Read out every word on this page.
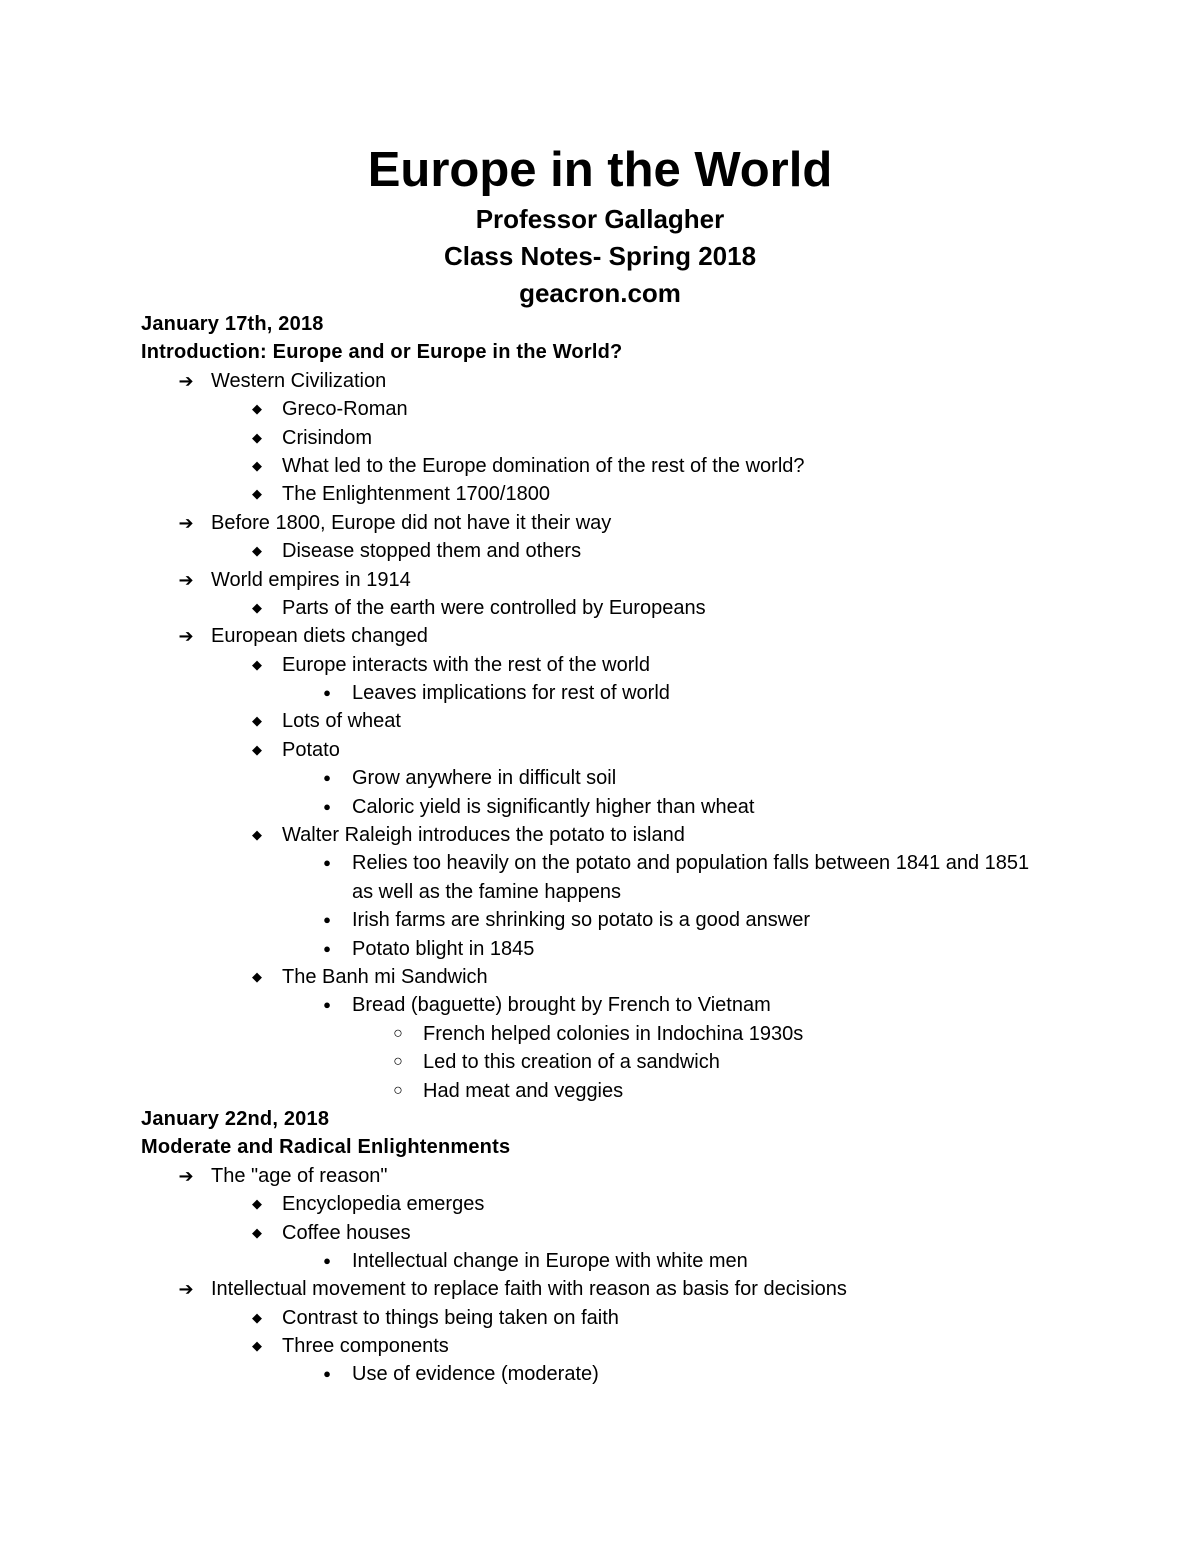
Europe in the World
Professor Gallagher
Class Notes- Spring 2018
geacron.com
January 17th, 2018
Introduction: Europe and or Europe in the World?
➔ Western Civilization
◆ Greco-Roman
◆ Crisindom
◆ What led to the Europe domination of the rest of the world?
◆ The Enlightenment 1700/1800
➔ Before 1800, Europe did not have it their way
◆ Disease stopped them and others
➔ World empires in 1914
◆ Parts of the earth were controlled by Europeans
➔ European diets changed
◆ Europe interacts with the rest of the world
●	Leaves implications for rest of world
◆ Lots of wheat
◆ Potato
●	Grow anywhere in difficult soil
●	Caloric yield is significantly higher than wheat
◆ Walter Raleigh introduces the potato to island
●	Relies too heavily on the potato and population falls between 1841 and 1851 as well as the famine happens
●	Irish farms are shrinking so potato is a good answer
●	Potato blight in 1845
◆ The Banh mi Sandwich
●	Bread (baguette) brought by French to Vietnam
○ French helped colonies in Indochina 1930s
○ Led to this creation of a sandwich
○ Had meat and veggies
January 22nd, 2018
Moderate and Radical Enlightenments
➔ The "age of reason"
◆ Encyclopedia emerges
◆ Coffee houses
●	Intellectual change in Europe with white men
➔ Intellectual movement to replace faith with reason as basis for decisions
◆ Contrast to things being taken on faith
◆ Three components
●	Use of evidence (moderate)
